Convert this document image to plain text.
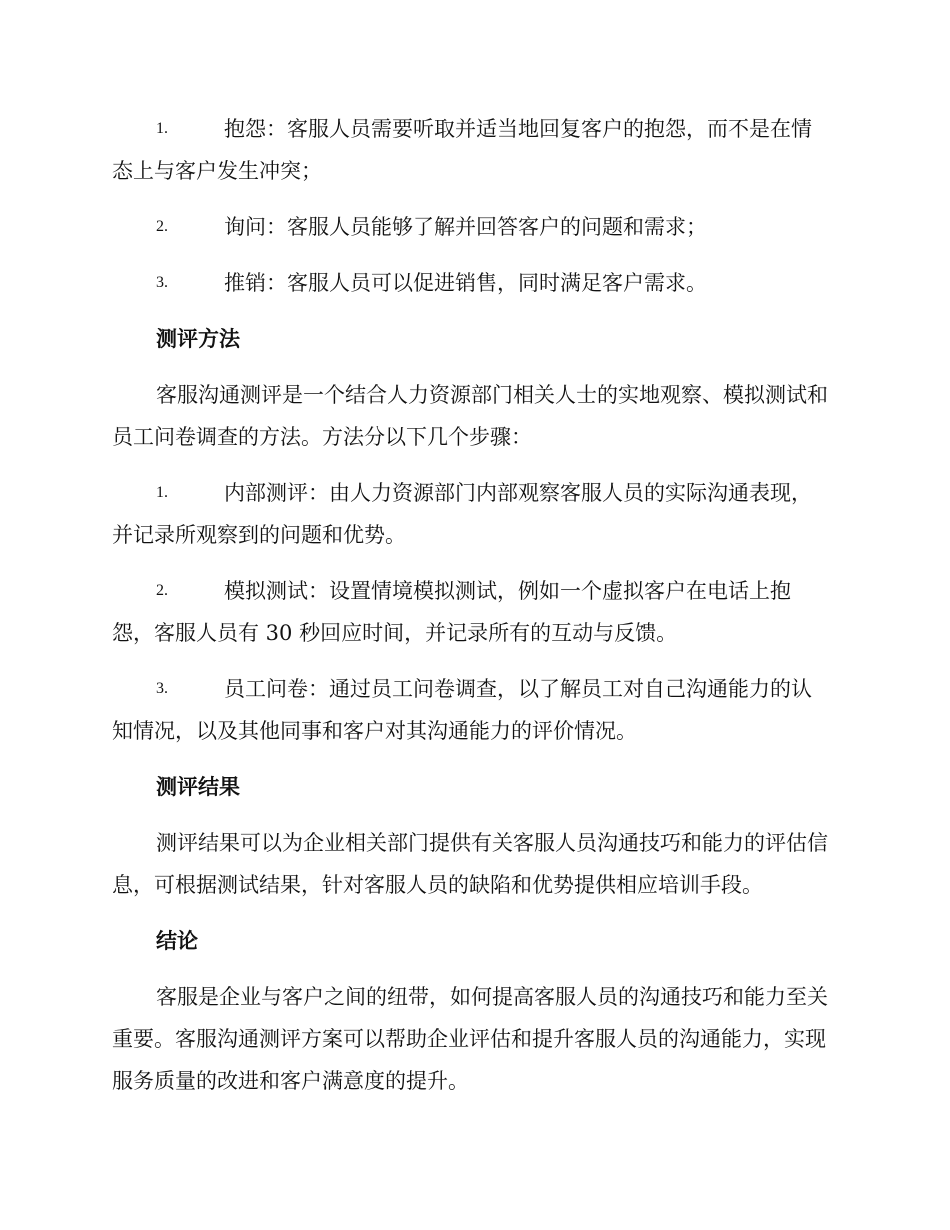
1.	抱怨：客服人员需要听取并适当地回复客户的抱怨，而不是在情态上与客户发生冲突；
2.	询问：客服人员能够了解并回答客户的问题和需求；
3.	推销：客服人员可以促进销售，同时满足客户需求。
测评方法
客服沟通测评是一个结合人力资源部门相关人士的实地观察、模拟测试和员工问卷调查的方法。方法分以下几个步骤：
1.	内部测评：由人力资源部门内部观察客服人员的实际沟通表现，并记录所观察到的问题和优势。
2.	模拟测试：设置情境模拟测试，例如一个虚拟客户在电话上抱怨，客服人员有 30 秒回应时间，并记录所有的互动与反馈。
3.	员工问卷：通过员工问卷调查，以了解员工对自己沟通能力的认知情况，以及其他同事和客户对其沟通能力的评价情况。
测评结果
测评结果可以为企业相关部门提供有关客服人员沟通技巧和能力的评估信息，可根据测试结果，针对客服人员的缺陷和优势提供相应培训手段。
结论
客服是企业与客户之间的纽带，如何提高客服人员的沟通技巧和能力至关重要。客服沟通测评方案可以帮助企业评估和提升客服人员的沟通能力，实现服务质量的改进和客户满意度的提升。
